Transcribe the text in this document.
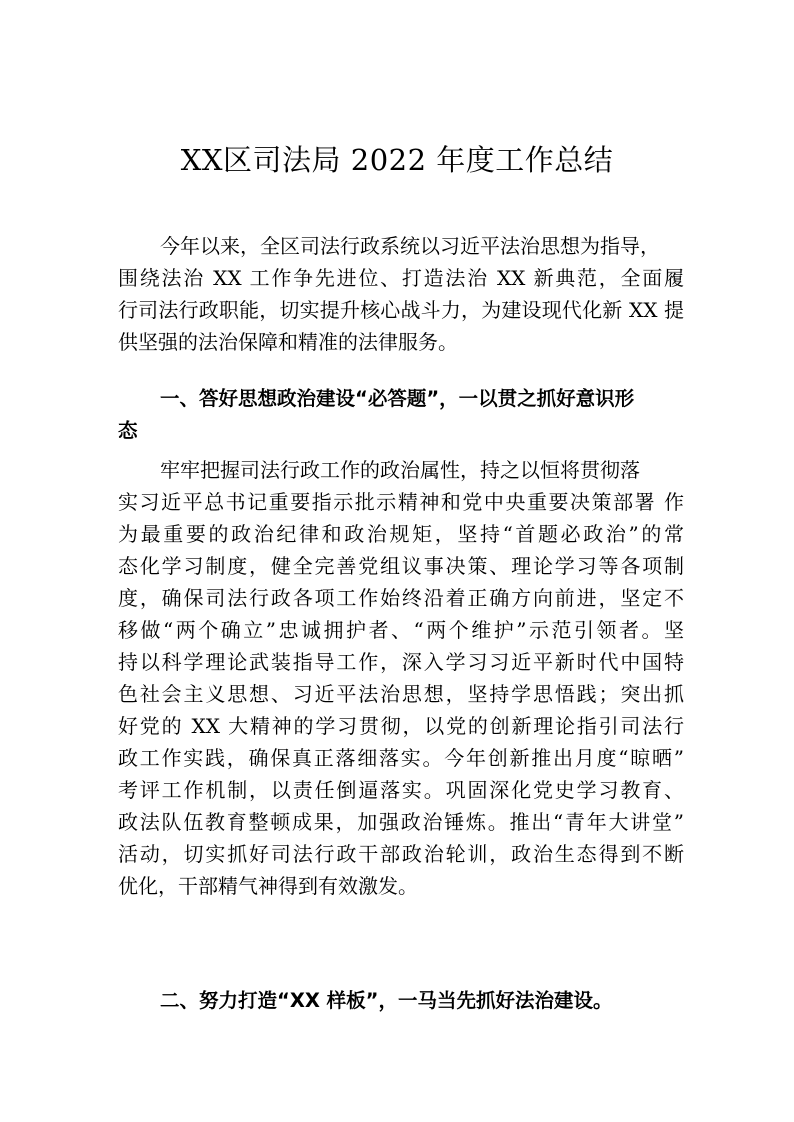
XX区司法局 2022 年度工作总结
今年以来，全区司法行政系统以习近平法治思想为指导，
围绕法治 XX 工作争先进位、打造法治 XX 新典范，全面履
行司法行政职能，切实提升核心战斗力，为建设现代化新 XX 提
供坚强的法治保障和精准的法律服务。
一、答好思想政治建设“必答题”，一以贯之抓好意识形
态
牢牢把握司法行政工作的政治属性，持之以恒将贯彻落
实习近平总书记重要指示批示精神和党中央重要决策部署 作
为最重要的政治纪律和政治规矩，坚持“首题必政治”的常
态化学习制度，健全完善党组议事决策、理论学习等各项制
度，确保司法行政各项工作始终沿着正确方向前进，坚定不
移做“两个确立”忠诚拥护者、“两个维护”示范引领者。坚
持以科学理论武装指导工作，深入学习习近平新时代中国特
色社会主义思想、习近平法治思想，坚持学思悟践；突出抓
好党的 XX 大精神的学习贯彻，以党的创新理论指引司法行
政工作实践，确保真正落细落实。今年创新推出月度“晾晒”
考评工作机制，以责任倒逼落实。巩固深化党史学习教育、
政法队伍教育整顿成果，加强政治锤炼。推出“青年大讲堂”
活动，切实抓好司法行政干部政治轮训，政治生态得到不断
优化，干部精气神得到有效激发。
二、努力打造“XX 样板”，一马当先抓好法治建设。
